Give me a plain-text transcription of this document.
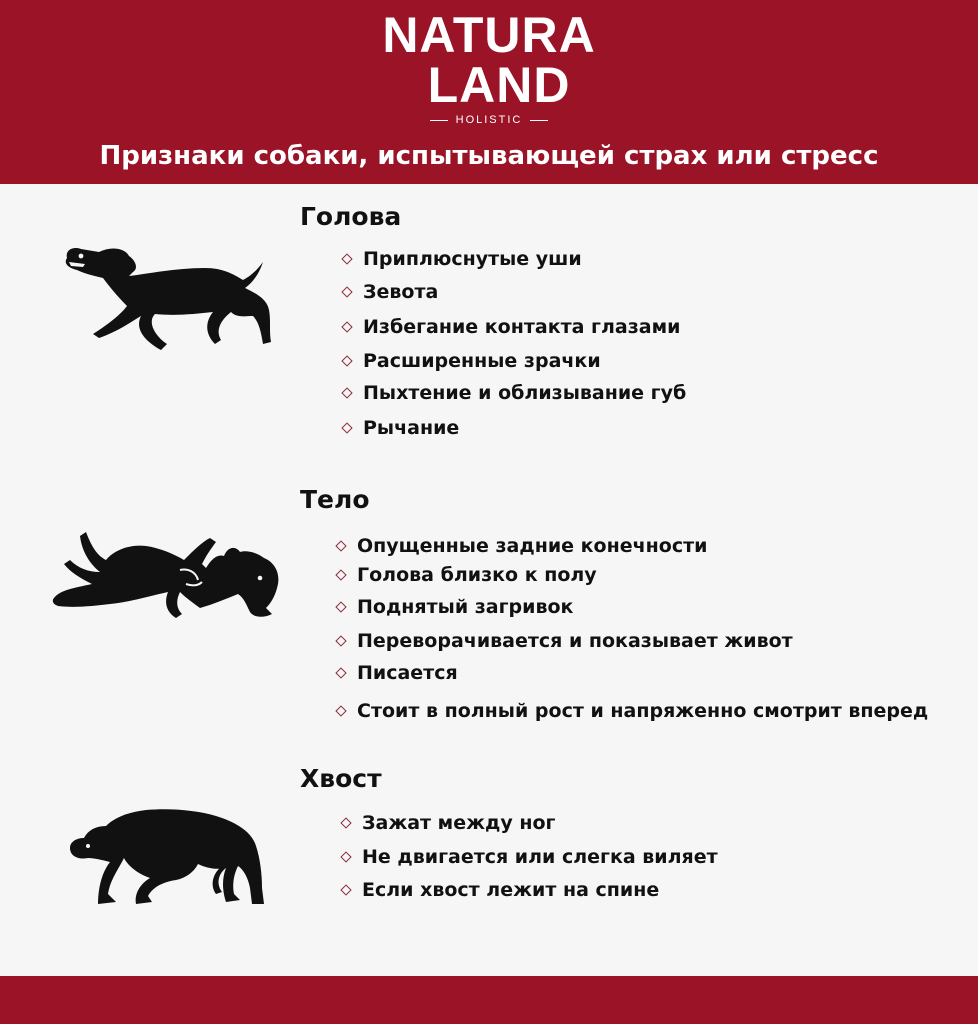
NATURA
LAND
HOLISTIC
Признаки собаки, испытывающей страх или стресс
Голова
Приплюснутые уши
Зевота
Избегание контакта глазами
Расширенные зрачки
Пыхтение и облизывание губ
Рычание
Тело
Опущенные задние конечности
Голова близко к полу
Поднятый загривок
Переворачивается и показывает живот
Писается
Стоит в полный рост и напряженно смотрит вперед
Хвост
Зажат между ног
Не двигается или слегка виляет
Если хвост лежит на спине
